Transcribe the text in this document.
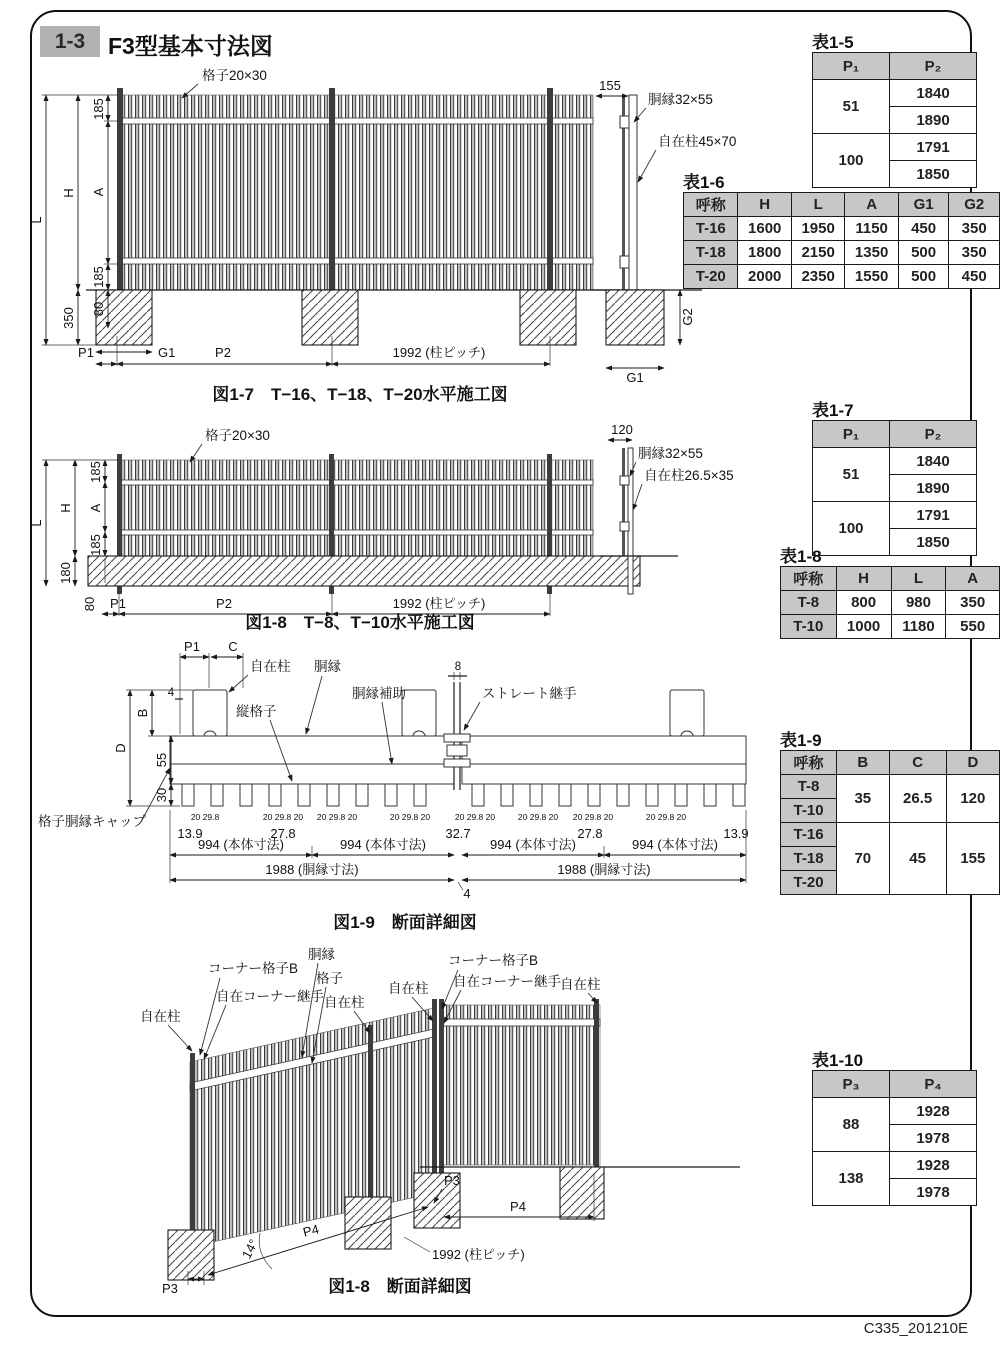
1-3 F3型基本寸法図
格子20×30
L
H
185
A
185
350 80
G1
P1	P2	1992 (柱ピッチ)
155
胴縁32×55
自在柱45×70
G2
G1
図1-7　T−16、T−18、T−20水平施工図
格子20×30
L
H
180
185
A
185
80 P1	P2	1992 (柱ピッチ)
120
胴縁32×55
自在柱26.5×35
図1-8　T−8、T−10水平施工図
P1 C
4
8
自在柱 胴縁
縦格子
胴縁補助	ストレート継手
格子胴縁キャップ
D
B
55
30
20 29.8	20 29.8 20 20 29.8 20	20 29.8 20	20 29.8 20	20 29.8 20 20 29.8 20	20 29.8 20
13.9	27.8	32.7	27.8	13.9
994 (本体寸法)	994 (本体寸法)	994 (本体寸法)	994 (本体寸法)
1988 (胴縁寸法)	1988 (胴縁寸法)
4
図1-9　断面詳細図
自在柱
コーナー格子B
自在コーナー継手
胴縁
格子
自在柱
自在柱
コーナー格子B
自在コーナー継手 自在柱
P3
14°
P4
P3
P4
1992 (柱ピッチ)
図1-8　断面詳細図
表1-5
P₁	P₂
51	1840
	1890
100	1791
	1850
表1-6
呼称	H	L	A	G1	G2
T-16	1600	1950	1150	450	350
T-18	1800	2150	1350	500	350
T-20	2000	2350	1550	500	450
表1-7
P₁	P₂
51	1840
	1890
100	1791
	1850
表1-8
呼称	H	L	A
T-8	800	980	350
T-10	1000	1180	550
表1-9
呼称	B	C	D
T-8	35	26.5	120
T-10			
T-16	70	45	155
T-18			
T-20			
表1-10
P₃	P₄
88	1928
	1978
138	1928
	1978
C335_201210E
